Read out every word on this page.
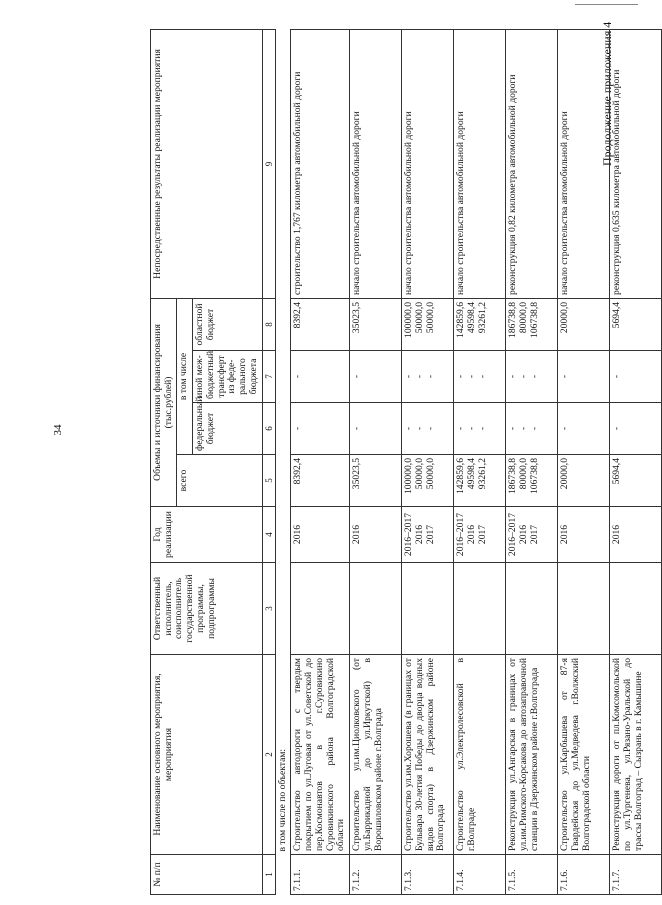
34
Продолжение приложения 4
№ п/п	Наименование основного мероприятия, мероприятия	Ответственный исполнитель, соисполнитель государственной программы, подпрограммы	Год реализации	Объемы и источники финансирования (тыс.рублей)				Непосредственные результаты реализации мероприятия
				всего	в том числе			
					федеральный бюджет	иной меж- бюджетный трансферт из феде- рального бюджета	областной бюджет	
1	2	3	4	5	6	7	8	9
	в том числе по объектам:							
7.1.1.	Строительство автодороги с твердым покрытием по ул.Луговая от ул.Советской до пер.Космонавтов в г.Суровикино Суровикинского района Волгоградской области		2016	8392,4	-	-	8392,4	строительство 1,767 километра автомобильной дороги
7.1.2.	Строительство ул.им.Циолковского (от ул.Баррикадной до ул.Иркутской) в Ворошиловском районе г.Волграда		2016	35023,5	-	-	35023,5	начало строительства автомобильной дороги
7.1.3.	Строительство ул.им.Хорошева (в границах от Бульвара 30-летия Победы до дворца водных видов спорта) в Дзержинском районе Волгограда		2016–2017 2016 2017	100000,0 50000,0 50000,0	- - -	- - -	100000,0 50000,0 50000,0	начало строительства автомобильной дороги
7.1.4.	Строительство ул.Электролесовской в г.Волграде		2016–2017 2016 2017	142859,6 49598,4 93261,2	- - -	- - -	142859,6 49598,4 93261,2	начало строительства автомобильной дороги
7.1.5.	Реконструкция ул.Ангарская в границах от ул.им.Римского-Корсакова до автозаправочной станции в Дзержинском районе г.Волгограда		2016–2017 2016 2017	186738,8 80000,0 106738,8	- - -	- - -	186738,8 80000,0 106738,8	реконструкция 0,82 километра автомобильной дороги
7.1.6.	Строительство ул.Карбышева от 87-я Гвардейская до ул.Медведева г.Волжский Волгоградской области		2016	20000,0	-	-	20000,0	начало строительства автомобильной дороги
7.1.7.	Реконструкция дороги от пл.Комсомольской по ул.Тургенева, ул.Рязано-Уральской до трассы Волгоград – Сызрань в г. Камышине		2016	5694,4	-	-	5694,4	реконструкция 0,635 километра автомобильной дороги
